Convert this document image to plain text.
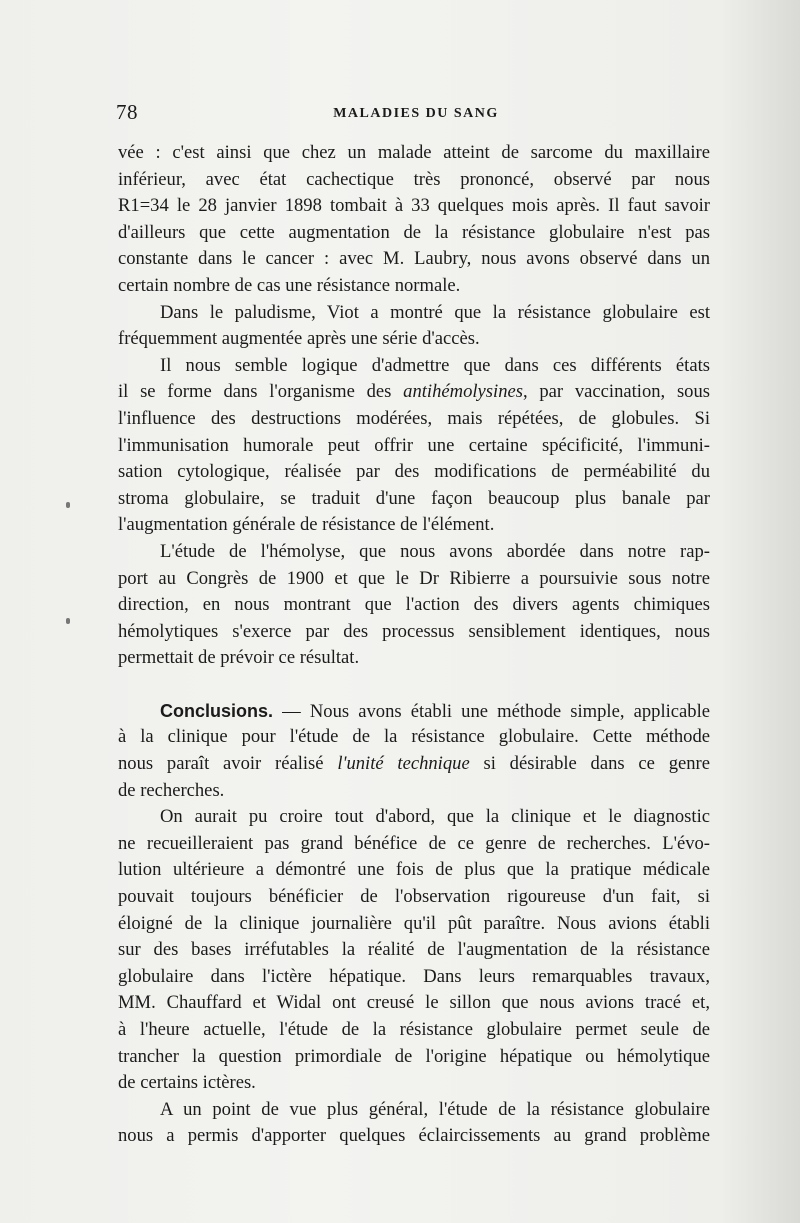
78	MALADIES DU SANG
vée : c'est ainsi que chez un malade atteint de sarcome du maxillaire
inférieur, avec état cachectique très prononcé, observé par nous
R1=34 le 28 janvier 1898 tombait à 33 quelques mois après. Il faut savoir
d'ailleurs que cette augmentation de la résistance globulaire n'est pas
constante dans le cancer : avec M. Laubry, nous avons observé dans un
certain nombre de cas une résistance normale.
Dans le paludisme, Viot a montré que la résistance globulaire est
fréquemment augmentée après une série d'accès.
Il nous semble logique d'admettre que dans ces différents états
il se forme dans l'organisme des antihémolysines, par vaccination, sous
l'influence des destructions modérées, mais répétées, de globules. Si
l'immunisation humorale peut offrir une certaine spécificité, l'immuni-
sation cytologique, réalisée par des modifications de perméabilité du
stroma globulaire, se traduit d'une façon beaucoup plus banale par
l'augmentation générale de résistance de l'élément.
L'étude de l'hémolyse, que nous avons abordée dans notre rap-
port au Congrès de 1900 et que le Dr Ribierre a poursuivie sous notre
direction, en nous montrant que l'action des divers agents chimiques
hémolytiques s'exerce par des processus sensiblement identiques, nous
permettait de prévoir ce résultat.
Conclusions. — Nous avons établi une méthode simple, applicable
à la clinique pour l'étude de la résistance globulaire. Cette méthode
nous paraît avoir réalisé l'unité technique si désirable dans ce genre
de recherches.
On aurait pu croire tout d'abord, que la clinique et le diagnostic
ne recueilleraient pas grand bénéfice de ce genre de recherches. L'évo-
lution ultérieure a démontré une fois de plus que la pratique médicale
pouvait toujours bénéficier de l'observation rigoureuse d'un fait, si
éloigné de la clinique journalière qu'il pût paraître. Nous avions établi
sur des bases irréfutables la réalité de l'augmentation de la résistance
globulaire dans l'ictère hépatique. Dans leurs remarquables travaux,
MM. Chauffard et Widal ont creusé le sillon que nous avions tracé et,
à l'heure actuelle, l'étude de la résistance globulaire permet seule de
trancher la question primordiale de l'origine hépatique ou hémolytique
de certains ictères.
A un point de vue plus général, l'étude de la résistance globulaire
nous a permis d'apporter quelques éclaircissements au grand problème
